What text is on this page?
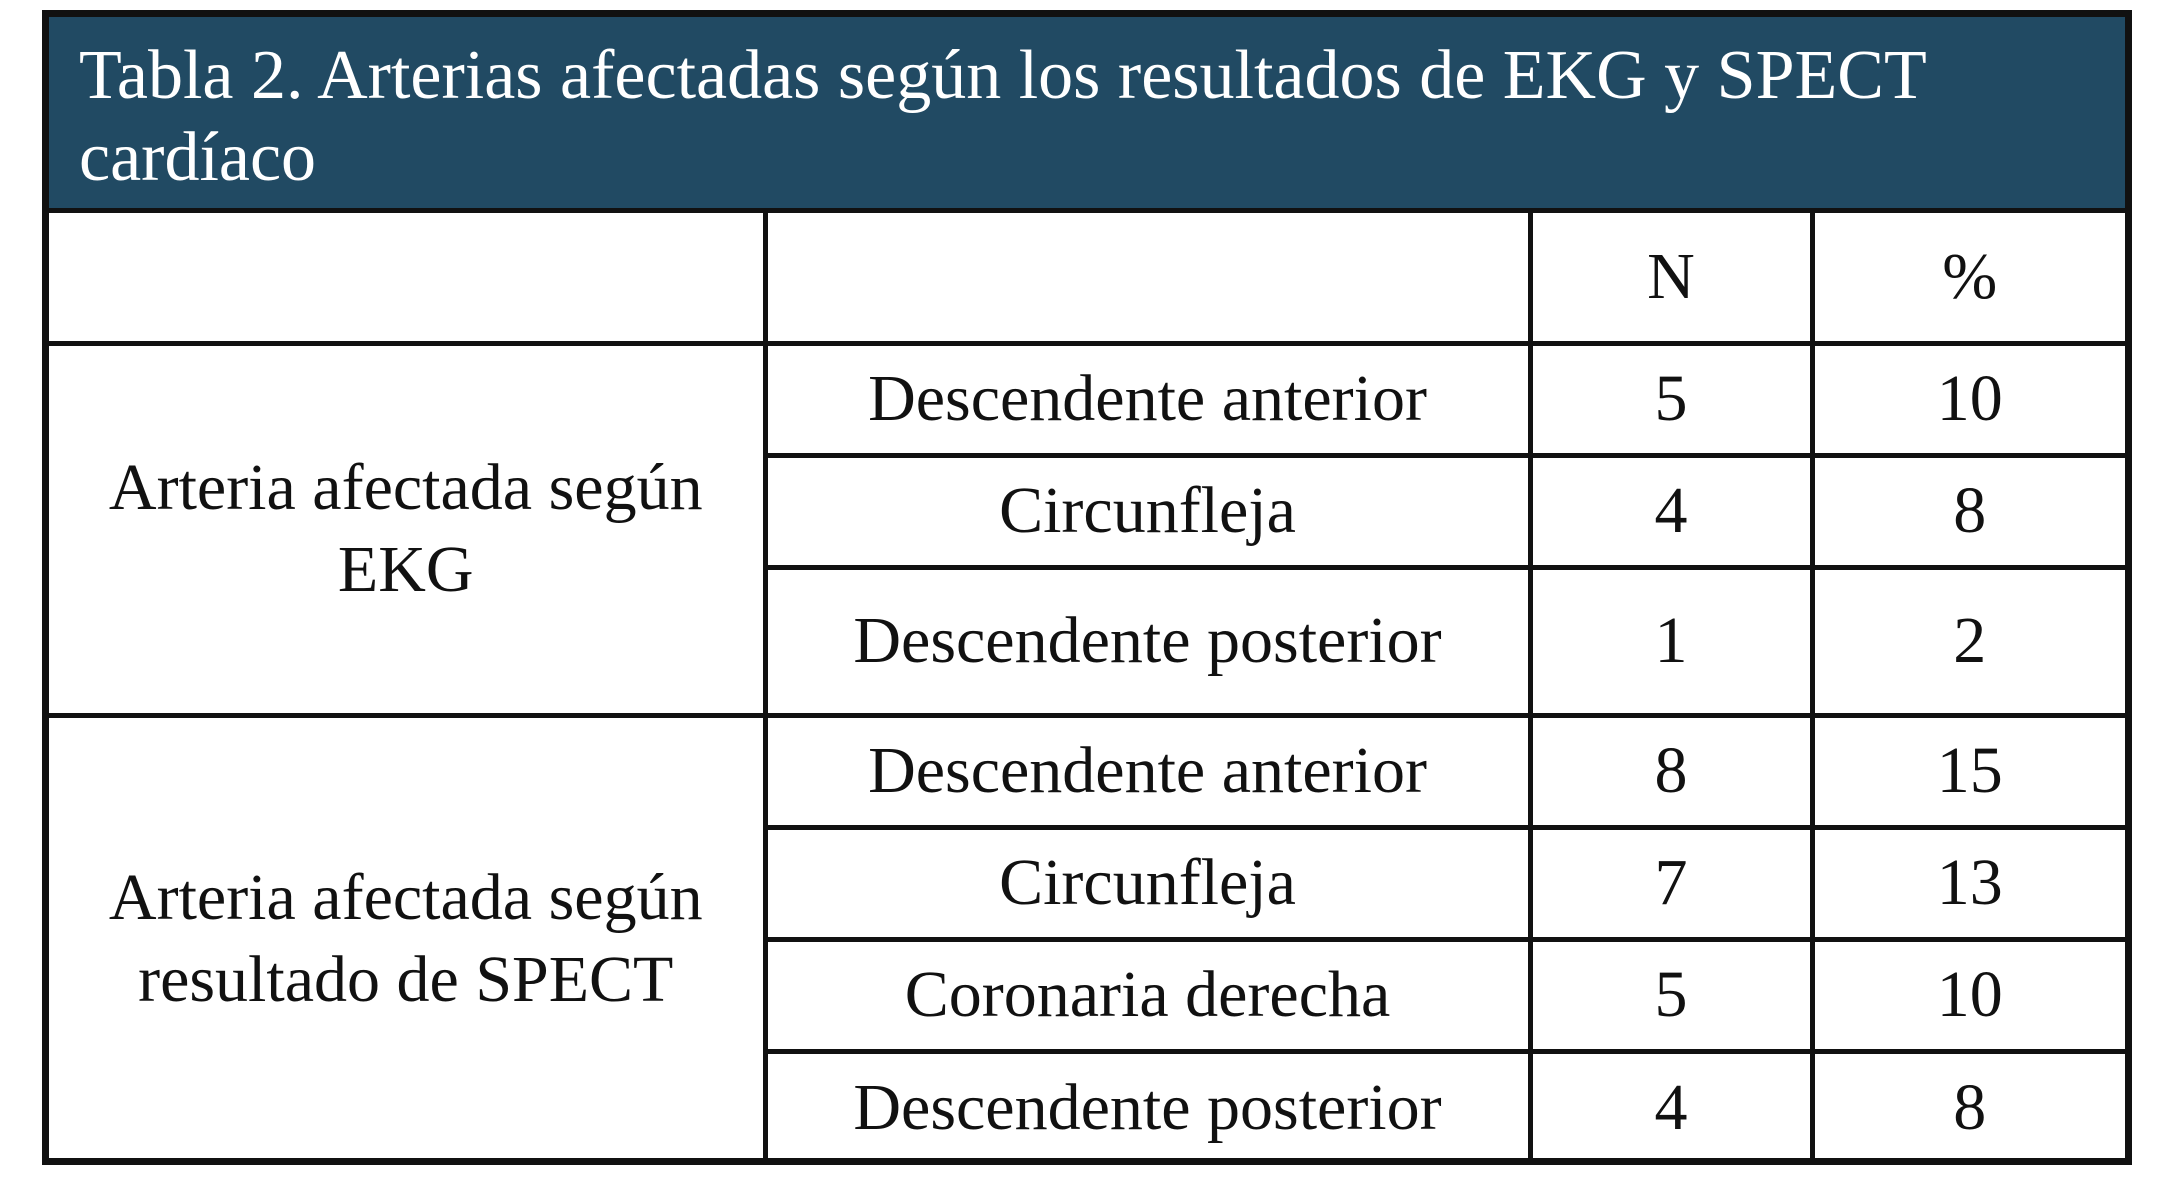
Tabla 2. Arterias afectadas según los resultados de EKG y SPECT cardíaco
		N	%

Arteria afectada según EKG	Descendente anterior	5	10
	Circunfleja	4	8
	Descendente posterior	1	2

Arteria afectada según resultado de SPECT	Descendente anterior	8	15
	Circunfleja	7	13
	Coronaria derecha	5	10
	Descendente posterior	4	8
